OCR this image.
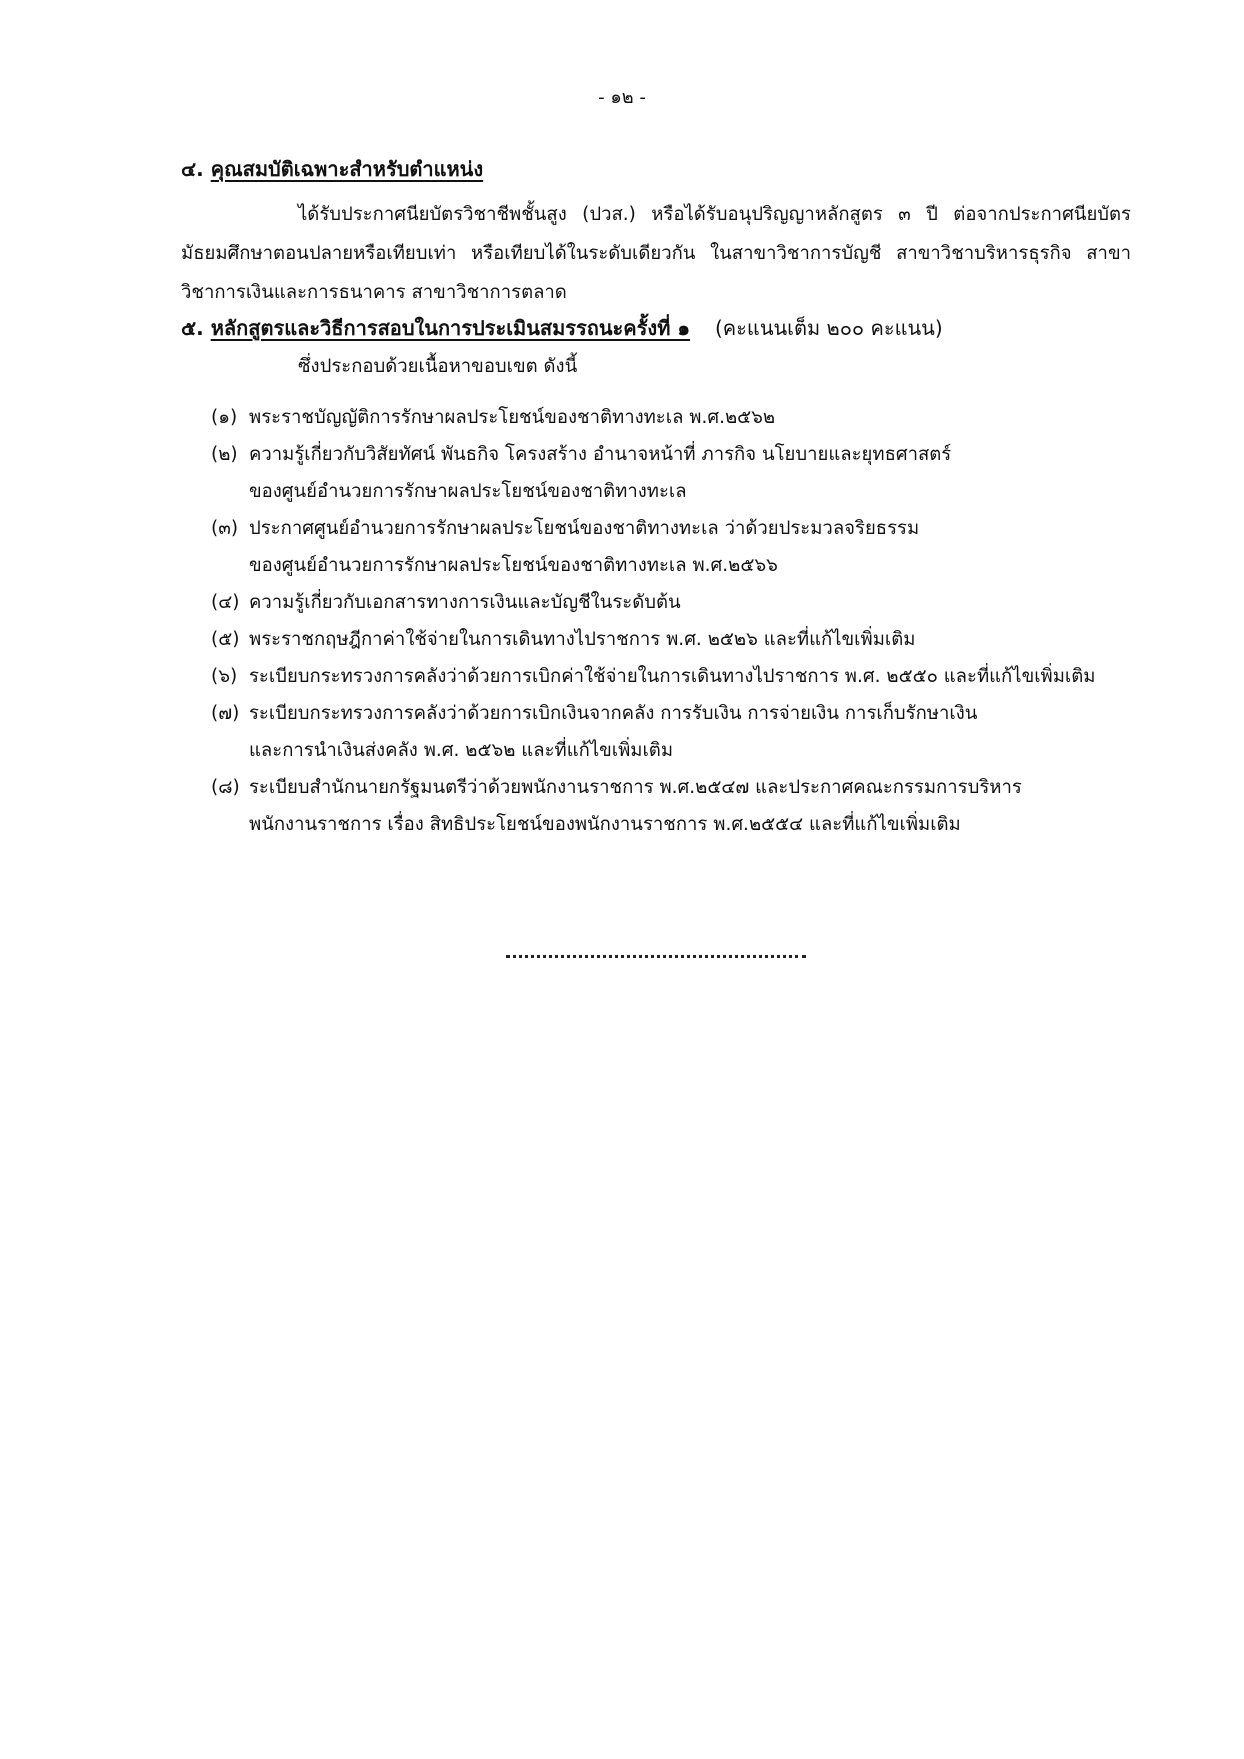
- ๑๒ -
๔. คุณสมบัติเฉพาะสำหรับตำแหน่ง
ได้รับประกาศนียบัตรวิชาชีพชั้นสูง (ปวส.) หรือได้รับอนุปริญญาหลักสูตร ๓ ปี ต่อจากประกาศนียบัตรมัธยมศึกษาตอนปลายหรือเทียบเท่า หรือเทียบได้ในระดับเดียวกัน ในสาขาวิชาการบัญชี สาขาวิชาบริหารธุรกิจ สาขาวิชาการเงินและการธนาคาร สาขาวิชาการตลาด
๕. หลักสูตรและวิธีการสอบในการประเมินสมรรถนะครั้งที่ ๑ (คะแนนเต็ม ๒๐๐ คะแนน)
ซึ่งประกอบด้วยเนื้อหาขอบเขต ดังนี้
(๑) พระราชบัญญัติการรักษาผลประโยชน์ของชาติทางทะเล พ.ศ.๒๕๖๒
(๒) ความรู้เกี่ยวกับวิสัยทัศน์ พันธกิจ โครงสร้าง อำนาจหน้าที่ ภารกิจ นโยบายและยุทธศาสตร์
ของศูนย์อำนวยการรักษาผลประโยชน์ของชาติทางทะเล
(๓) ประกาศศูนย์อำนวยการรักษาผลประโยชน์ของชาติทางทะเล ว่าด้วยประมวลจริยธรรม
ของศูนย์อำนวยการรักษาผลประโยชน์ของชาติทางทะเล พ.ศ.๒๕๖๖
(๔) ความรู้เกี่ยวกับเอกสารทางการเงินและบัญชีในระดับต้น
(๕) พระราชกฤษฎีกาค่าใช้จ่ายในการเดินทางไปราชการ พ.ศ. ๒๕๒๖ และที่แก้ไขเพิ่มเติม
(๖) ระเบียบกระทรวงการคลังว่าด้วยการเบิกค่าใช้จ่ายในการเดินทางไปราชการ พ.ศ. ๒๕๕๐ และที่แก้ไขเพิ่มเติม
(๗) ระเบียบกระทรวงการคลังว่าด้วยการเบิกเงินจากคลัง การรับเงิน การจ่ายเงิน การเก็บรักษาเงิน
และการนำเงินส่งคลัง พ.ศ. ๒๕๖๒ และที่แก้ไขเพิ่มเติม
(๘) ระเบียบสำนักนายกรัฐมนตรีว่าด้วยพนักงานราชการ พ.ศ.๒๕๔๗ และประกาศคณะกรรมการบริหาร
พนักงานราชการ เรื่อง สิทธิประโยชน์ของพนักงานราชการ พ.ศ.๒๕๕๔ และที่แก้ไขเพิ่มเติม
